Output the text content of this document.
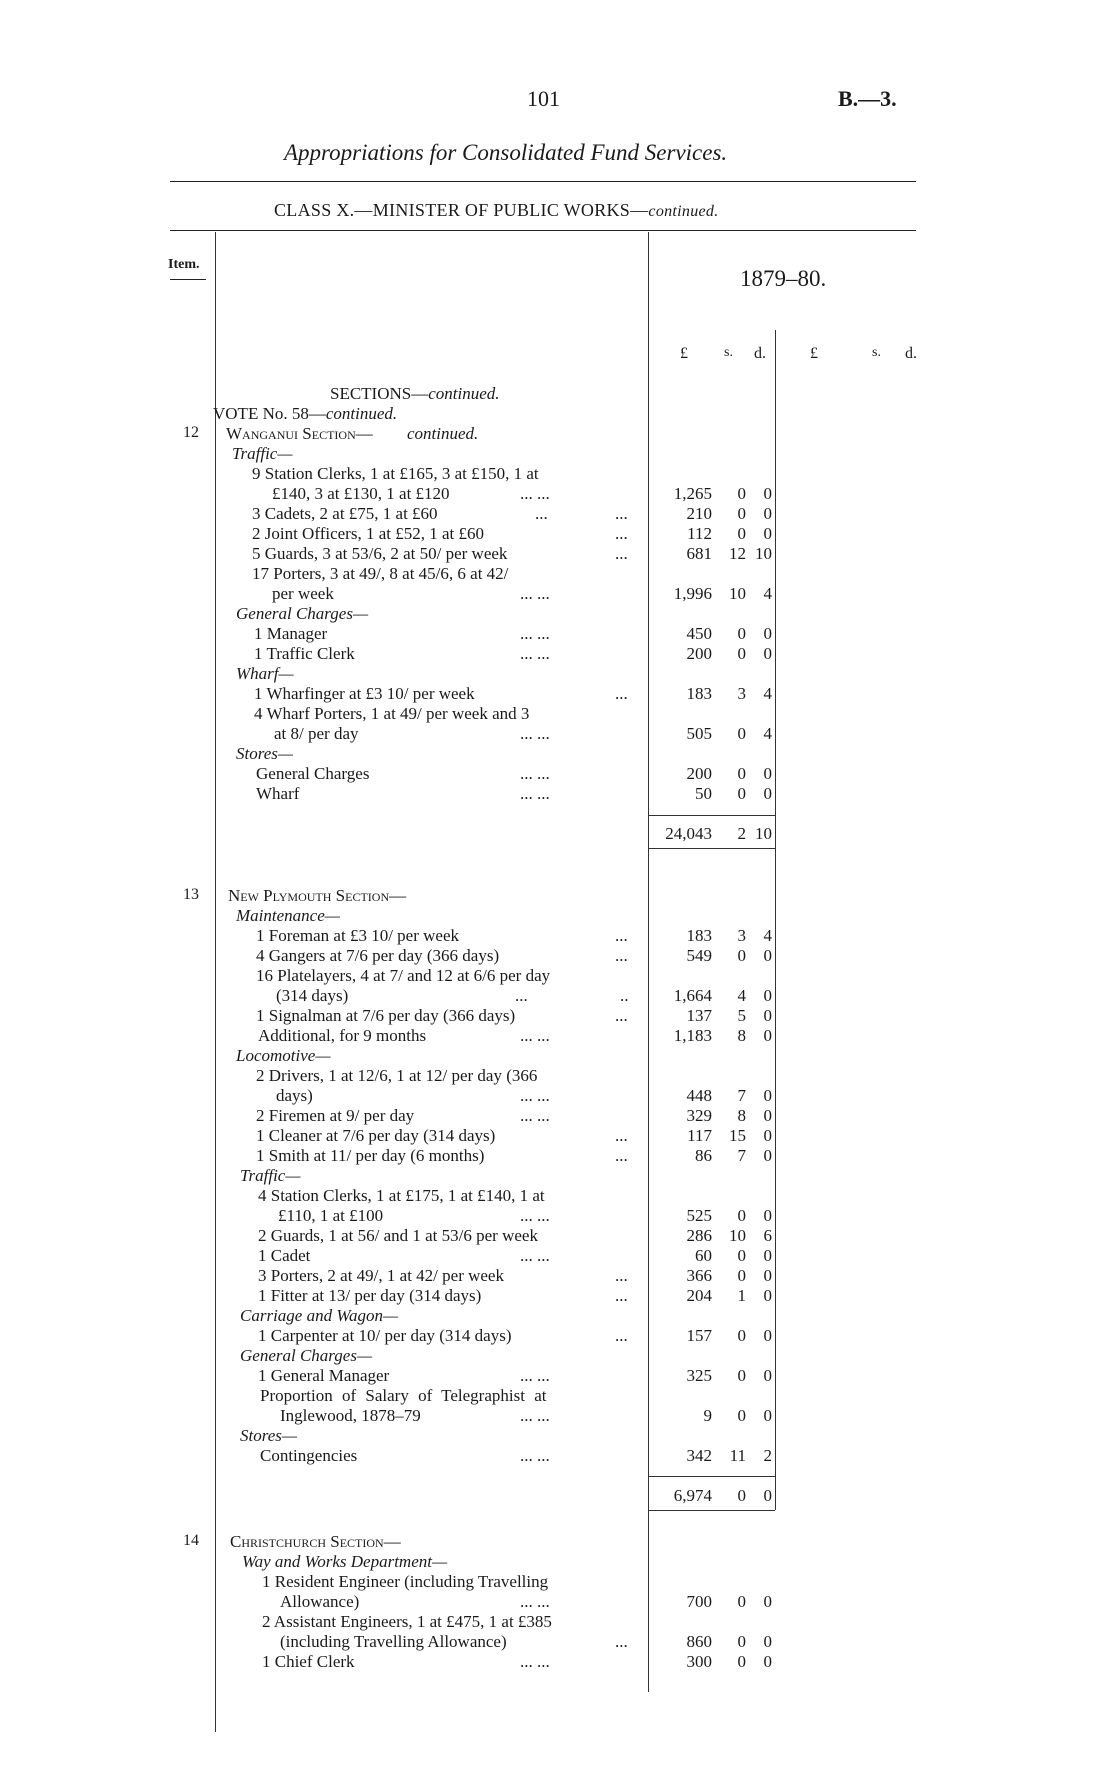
101	B.—3.
Appropriations for Consolidated Fund Services.
CLASS X.—MINISTER OF PUBLIC WORKS—continued.
Item.
1879–80.
£	s. d.	£	s. d.
SECTIONS—continued.
VOTE No. 58—continued.
12 Wanganui Section— continued.
Traffic—
9 Station Clerks, 1 at £165, 3 at £150, 1 at
£140, 3 at £130, 1 at £120	... ...	1,265	0	0
3 Cadets, 2 at £75, 1 at £60	...	...	210	0	0
2 Joint Officers, 1 at £52, 1 at £60	...	112	0	0
5 Guards, 3 at 53/6, 2 at 50/ per week	...	681 12 10
17 Porters, 3 at 49/, 8 at 45/6, 6 at 42/
per week	... ...	1,996 10	4
General Charges—
1 Manager	... ...	450	0	0
1 Traffic Clerk	... ...	200	0	0
Wharf—
1 Wharfinger at £3 10/ per week	...	183	3	4
4 Wharf Porters, 1 at 49/ per week and 3
at 8/ per day	... ...	505	0	4
Stores—
General Charges	... ...	200	0	0
Wharf	... ...	50	0	0
24,043	2 10
13 New Plymouth Section—
Maintenance—
1 Foreman at £3 10/ per week	...	183	3	4
4 Gangers at 7/6 per day (366 days)	...	549	0	0
16 Platelayers, 4 at 7/ and 12 at 6/6 per day
(314 days)	...	..	1,664	4	0
1 Signalman at 7/6 per day (366 days)	...	137	5	0
Additional, for 9 months	... ...	1,183	8	0
Locomotive—
2 Drivers, 1 at 12/6, 1 at 12/ per day (366
days)	... ...	448	7	0
2 Firemen at 9/ per day	... ...	329	8	0
1 Cleaner at 7/6 per day (314 days)	...	117 15	0
1 Smith at 11/ per day (6 months)	...	86	7	0
Traffic—
4 Station Clerks, 1 at £175, 1 at £140, 1 at
£110, 1 at £100	... ...	525	0	0
2 Guards, 1 at 56/ and 1 at 53/6 per week	286 10	6
1 Cadet	... ...	60	0	0
3 Porters, 2 at 49/, 1 at 42/ per week	...	366	0	0
1 Fitter at 13/ per day (314 days)	...	204	1	0
Carriage and Wagon—
1 Carpenter at 10/ per day (314 days)	...	157	0	0
General Charges—
1 General Manager	... ...	325	0	0
Proportion of Salary of Telegraphist at
Inglewood, 1878–79	... ...	9	0	0
Stores—
Contingencies	... ...	342	11	2
6,974	0	0
14 Christchurch Section—
Way and Works Department—
1 Resident Engineer (including Travelling
Allowance)	... ...	700	0	0
2 Assistant Engineers, 1 at £475, 1 at £385
(including Travelling Allowance)	...	860	0	0
1 Chief Clerk	... ...	300	0	0
